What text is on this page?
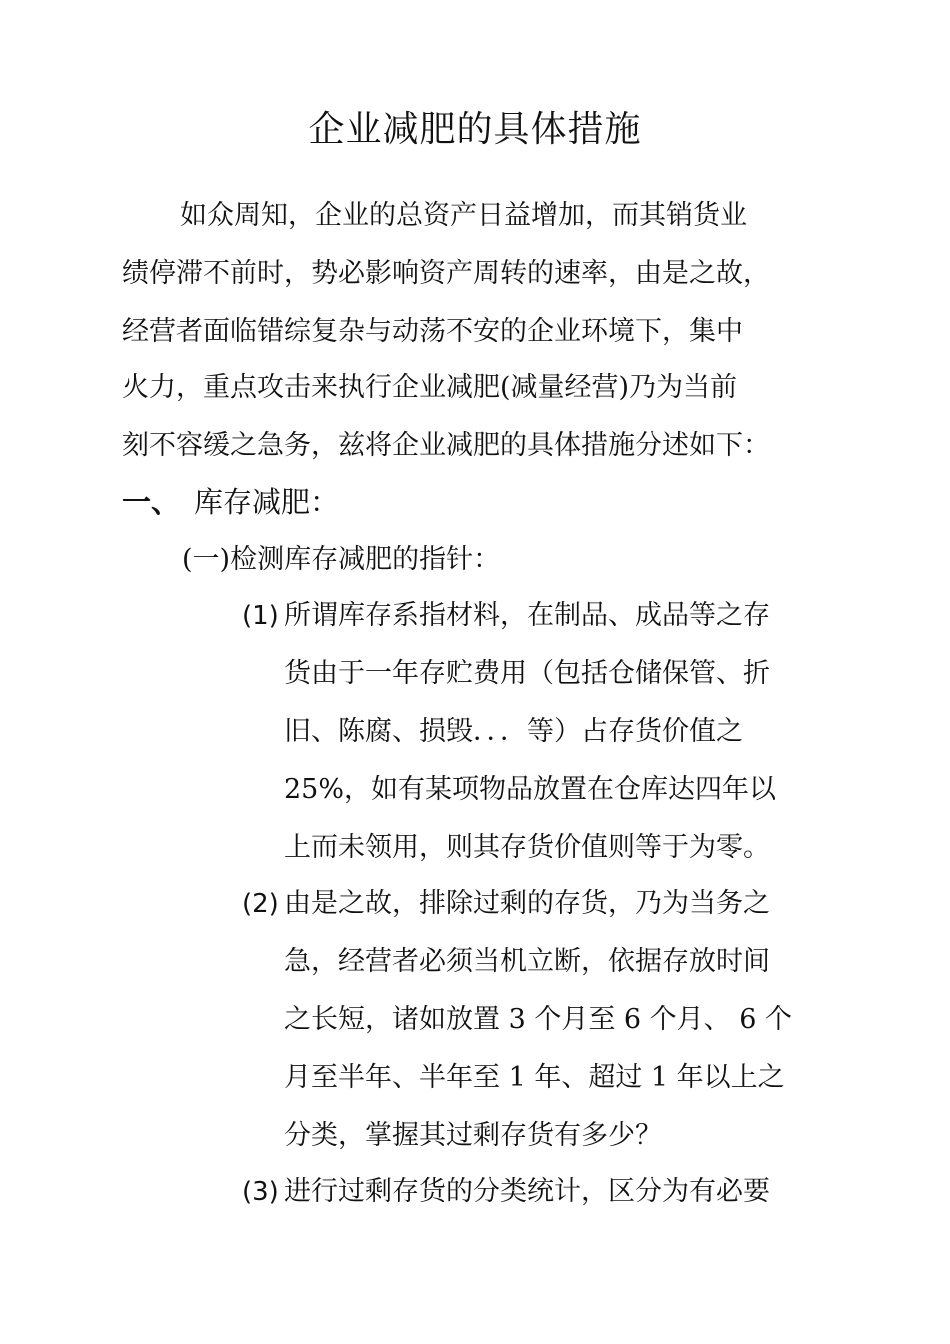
企业减肥的具体措施
如众周知，企业的总资产日益增加，而其销货业
绩停滞不前时，势必影响资产周转的速率，由是之故，
经营者面临错综复杂与动荡不安的企业环境下，集中
火力，重点攻击来执行企业减肥(减量经营)乃为当前
刻不容缓之急务，兹将企业减肥的具体措施分述如下：
一、 库存减肥：
(一)检测库存减肥的指针：
(1) 所谓库存系指材料，在制品、成品等之存
货由于一年存贮费用（包括仓储保管、折
旧、陈腐、损毁．．．等）占存货价值之
25%，如有某项物品放置在仓库达四年以
上而未领用，则其存货价值则等于为零。
(2) 由是之故，排除过剩的存货，乃为当务之
急，经营者必须当机立断，依据存放时间
之长短，诸如放置 3 个月至 6 个月、 6 个
月至半年、半年至 1 年、超过 1 年以上之
分类，掌握其过剩存货有多少？
(3) 进行过剩存货的分类统计，区分为有必要
